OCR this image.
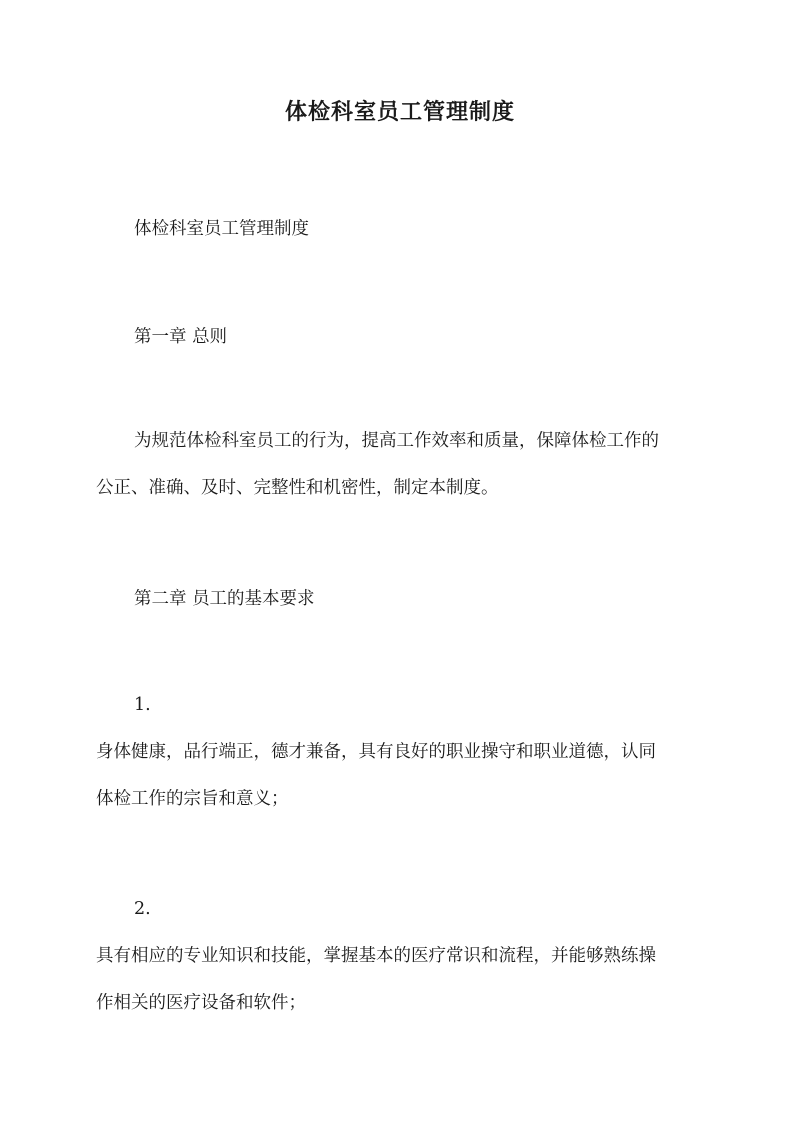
体检科室员工管理制度

体检科室员工管理制度

第一章 总则

为规范体检科室员工的行为，提高工作效率和质量，保障体检工作的
公正、准确、及时、完整性和机密性，制定本制度。

第二章 员工的基本要求

1.

身体健康，品行端正，德才兼备，具有良好的职业操守和职业道德，认同
体检工作的宗旨和意义；

2.

具有相应的专业知识和技能，掌握基本的医疗常识和流程，并能够熟练操
作相关的医疗设备和软件；
